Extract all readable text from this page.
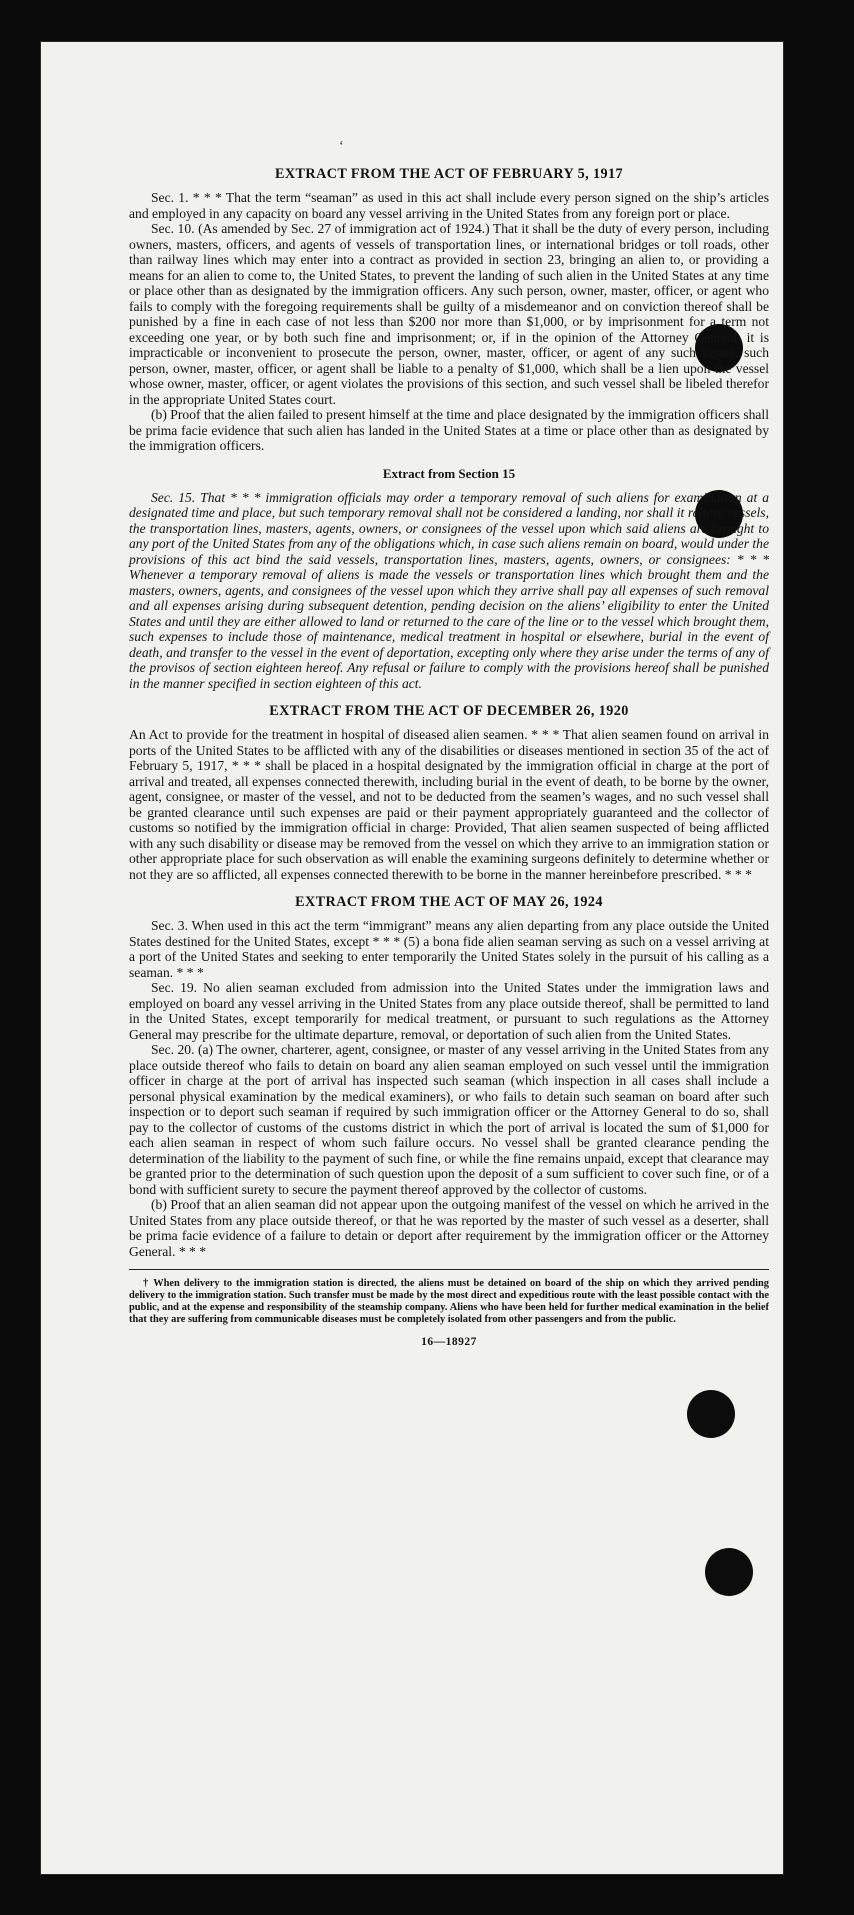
‘
EXTRACT FROM THE ACT OF FEBRUARY 5, 1917

Sec. 1. * * * That the term “seaman” as used in this act shall include every person signed on the ship’s articles and employed in any capacity on board any vessel arriving in the United States from any foreign port or place.

Sec. 10. (As amended by Sec. 27 of immigration act of 1924.) That it shall be the duty of every person, including owners, masters, officers, and agents of vessels of transportation lines, or international bridges or toll roads, other than railway lines which may enter into a contract as provided in section 23, bringing an alien to, or providing a means for an alien to come to, the United States, to prevent the landing of such alien in the United States at any time or place other than as designated by the immigration officers. Any such person, owner, master, officer, or agent who fails to comply with the foregoing requirements shall be guilty of a misdemeanor and on conviction thereof shall be punished by a fine in each case of not less than $200 nor more than $1,000, or by imprisonment for a term not exceeding one year, or by both such fine and imprisonment; or, if in the opinion of the Attorney General, it is impracticable or inconvenient to prosecute the person, owner, master, officer, or agent of any such vessel, such person, owner, master, officer, or agent shall be liable to a penalty of $1,000, which shall be a lien upon the vessel whose owner, master, officer, or agent violates the provisions of this section, and such vessel shall be libeled therefor in the appropriate United States court.

(b) Proof that the alien failed to present himself at the time and place designated by the immigration officers shall be prima facie evidence that such alien has landed in the United States at a time or place other than as designated by the immigration officers.

Extract from Section 15

Sec. 15. That * * * immigration officials may order a temporary removal of such aliens for examination at a designated time and place, but such temporary removal shall not be considered a landing, nor shall it relieve vessels, the transportation lines, masters, agents, owners, or consignees of the vessel upon which said aliens are brought to any port of the United States from any of the obligations which, in case such aliens remain on board, would under the provisions of this act bind the said vessels, transportation lines, masters, agents, owners, or consignees: * * * Whenever a temporary removal of aliens is made the vessels or transportation lines which brought them and the masters, owners, agents, and consignees of the vessel upon which they arrive shall pay all expenses of such removal and all expenses arising during subsequent detention, pending decision on the aliens’ eligibility to enter the United States and until they are either allowed to land or returned to the care of the line or to the vessel which brought them, such expenses to include those of maintenance, medical treatment in hospital or elsewhere, burial in the event of death, and transfer to the vessel in the event of deportation, excepting only where they arise under the terms of any of the provisos of section eighteen hereof. Any refusal or failure to comply with the provisions hereof shall be punished in the manner specified in section eighteen of this act.

EXTRACT FROM THE ACT OF DECEMBER 26, 1920

An Act to provide for the treatment in hospital of diseased alien seamen. * * * That alien seamen found on arrival in ports of the United States to be afflicted with any of the disabilities or diseases mentioned in section 35 of the act of February 5, 1917, * * * shall be placed in a hospital designated by the immigration official in charge at the port of arrival and treated, all expenses connected therewith, including burial in the event of death, to be borne by the owner, agent, consignee, or master of the vessel, and not to be deducted from the seamen’s wages, and no such vessel shall be granted clearance until such expenses are paid or their payment appropriately guaranteed and the collector of customs so notified by the immigration official in charge: Provided, That alien seamen suspected of being afflicted with any such disability or disease may be removed from the vessel on which they arrive to an immigration station or other appropriate place for such observation as will enable the examining surgeons definitely to determine whether or not they are so afflicted, all expenses connected therewith to be borne in the manner hereinbefore prescribed. * * *

EXTRACT FROM THE ACT OF MAY 26, 1924

Sec. 3. When used in this act the term “immigrant” means any alien departing from any place outside the United States destined for the United States, except * * * (5) a bona fide alien seaman serving as such on a vessel arriving at a port of the United States and seeking to enter temporarily the United States solely in the pursuit of his calling as a seaman. * * *

Sec. 19. No alien seaman excluded from admission into the United States under the immigration laws and employed on board any vessel arriving in the United States from any place outside thereof, shall be permitted to land in the United States, except temporarily for medical treatment, or pursuant to such regulations as the Attorney General may prescribe for the ultimate departure, removal, or deportation of such alien from the United States.

Sec. 20. (a) The owner, charterer, agent, consignee, or master of any vessel arriving in the United States from any place outside thereof who fails to detain on board any alien seaman employed on such vessel until the immigration officer in charge at the port of arrival has inspected such seaman (which inspection in all cases shall include a personal physical examination by the medical examiners), or who fails to detain such seaman on board after such inspection or to deport such seaman if required by such immigration officer or the Attorney General to do so, shall pay to the collector of customs of the customs district in which the port of arrival is located the sum of $1,000 for each alien seaman in respect of whom such failure occurs. No vessel shall be granted clearance pending the determination of the liability to the payment of such fine, or while the fine remains unpaid, except that clearance may be granted prior to the determination of such question upon the deposit of a sum sufficient to cover such fine, or of a bond with sufficient surety to secure the payment thereof approved by the collector of customs.

(b) Proof that an alien seaman did not appear upon the outgoing manifest of the vessel on which he arrived in the United States from any place outside thereof, or that he was reported by the master of such vessel as a deserter, shall be prima facie evidence of a failure to detain or deport after requirement by the immigration officer or the Attorney General. * * *

† When delivery to the immigration station is directed, the aliens must be detained on board of the ship on which they arrived pending delivery to the immigration station. Such transfer must be made by the most direct and expeditious route with the least possible contact with the public, and at the expense and responsibility of the steamship company. Aliens who have been held for further medical examination in the belief that they are suffering from communicable diseases must be completely isolated from other passengers and from the public.

16—18927
